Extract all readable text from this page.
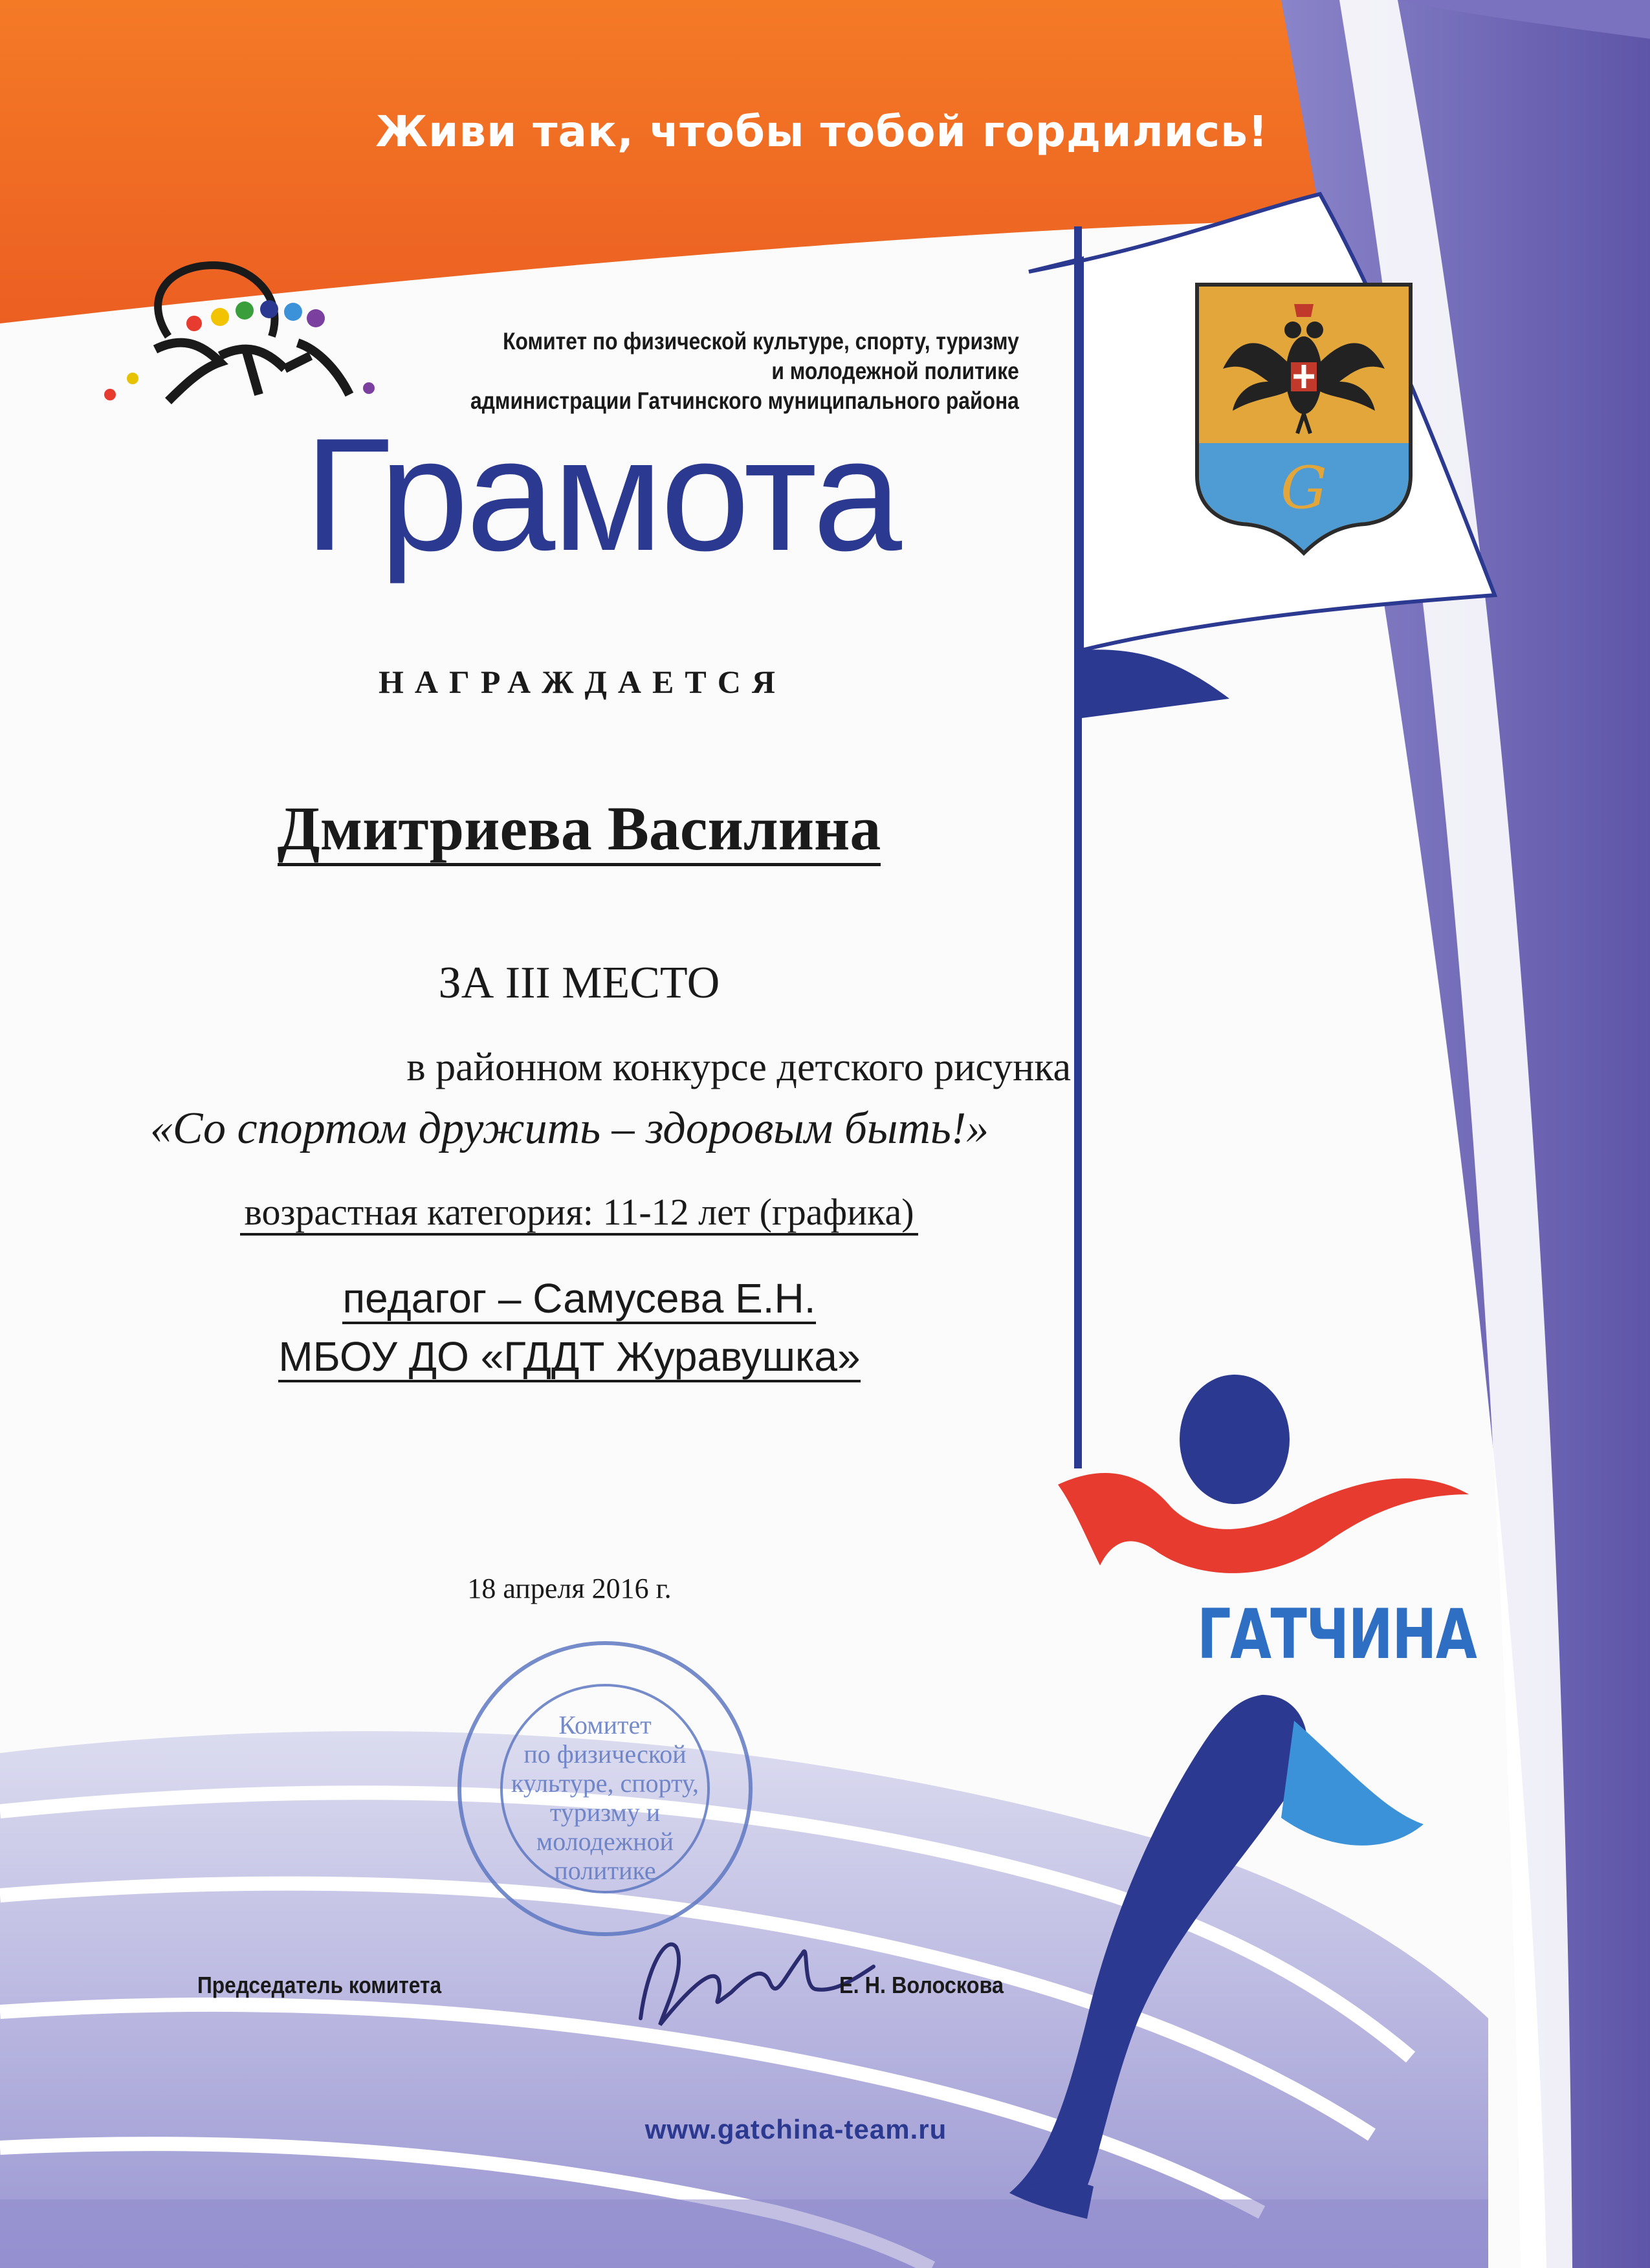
G
Комитет
по физической
культуре, спорту,
туризму и
молодежной
политике
Живи так, чтобы тобой гордились!
Комитет по физической культуре, спорту, туризму
и молодежной политике
администрации Гатчинского муниципального района
Грамота
НАГРАЖДАЕТСЯ
Дмитриева Василина
ЗА III МЕСТО
в районном конкурсе детского рисунка
«Со спортом дружить – здоровым быть!»
возрастная категория: 11-12 лет (графика)
педагог – Самусева Е.Н.
МБОУ ДО «ГДДТ Журавушка»
18 апреля 2016 г.
ГАТЧИНА
Председатель комитета	Е. Н. Волоскова
www.gatchina-team.ru
